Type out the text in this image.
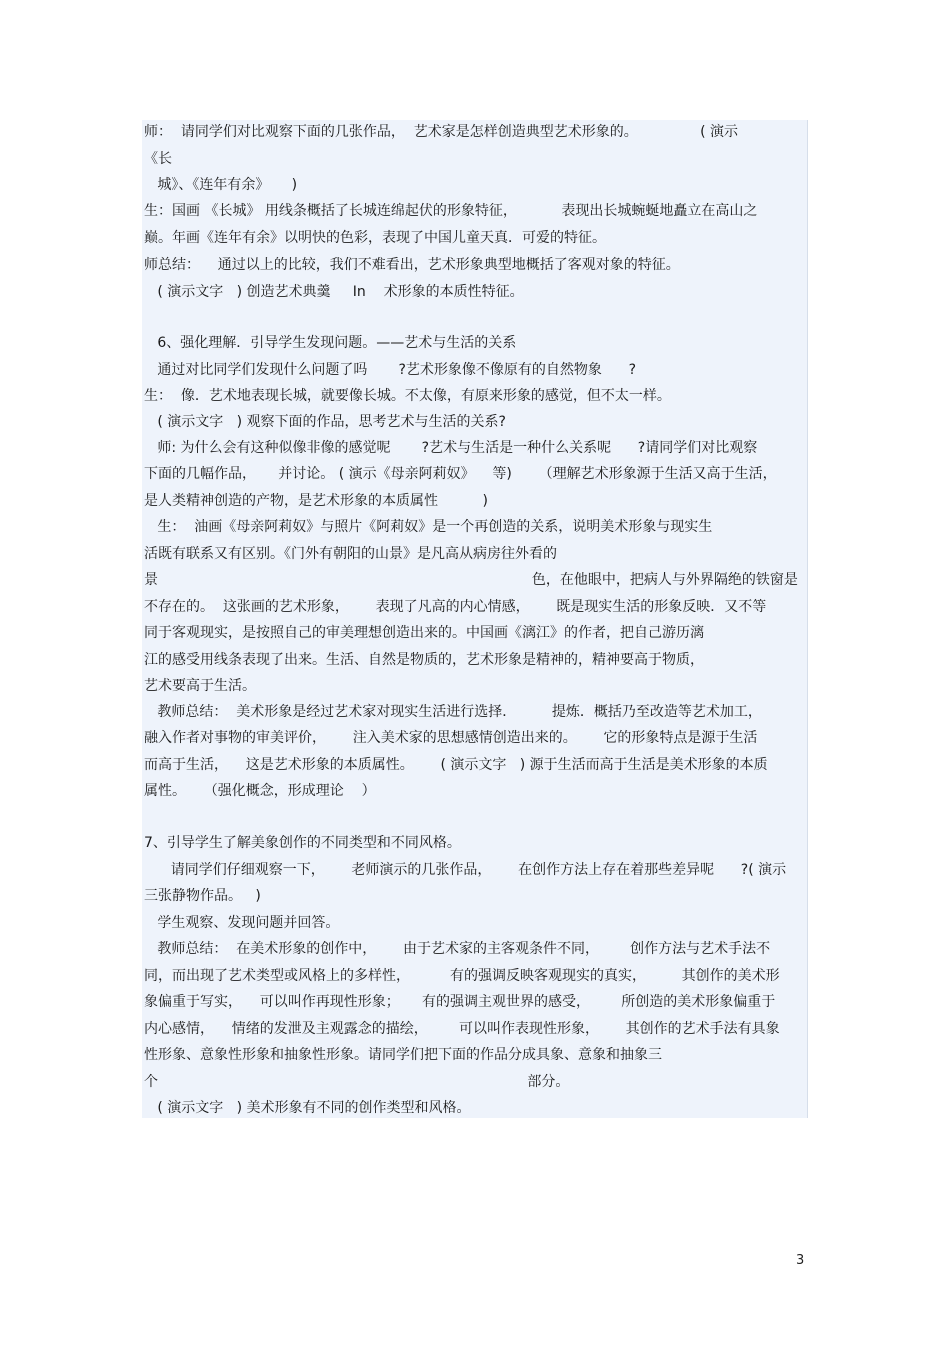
师：  请同学们对比观察下面的几张作品，  艺术家是怎样创造典型艺术形象的。              ( 演示
《长
城》、《连年有余》     )
生：国画 《长城》 用线条概括了长城连绵起伏的形象特征，          表现出长城蜿蜒地矗立在高山之
巅。年画《连年有余》以明快的色彩，表现了中国儿童天真．可爱的特征。
师总结：    通过以上的比较，我们不难看出，艺术形象典型地概括了客观对象的特征。
( 演示文字   ) 创造艺术典羹     In    术形象的本质性特征。
6、强化理解．引导学生发现问题。——艺术与生活的关系
通过对比同学们发现什么问题了吗       ?艺术形象像不像原有的自然物象      ?
生：  像．艺术地表现长城，就要像长城。不太像，有原来形象的感觉，但不太一样。
( 演示文字   ) 观察下面的作品，思考艺术与生活的关系?
师: 为什么会有这种似像非像的感觉呢       ?艺术与生活是一种什么关系呢      ?请同学们对比观察
下面的几幅作品，     并讨论。 ( 演示《母亲阿莉奴》    等)      （理解艺术形象源于生活又高于生活，
是人类精神创造的产物，是艺术形象的本质属性          )
生：  油画《母亲阿莉奴》与照片《阿莉奴》是一个再创造的关系，说明美术形象与现实生
活既有联系又有区别。《门外有朝阳的山景》是凡高从病房往外看的
景                                                                                    色，在他眼中，把病人与外界隔绝的铁窗是
不存在的。  这张画的艺术形象，      表现了凡高的内心情感，      既是现实生活的形象反映．又不等
同于客观现实，是按照自己的审美理想创造出来的。中国画《漓江》的作者，把自己游历漓
江的感受用线条表现了出来。生活、自然是物质的，艺术形象是精神的，精神要高于物质，
艺术要高于生活。
教师总结：  美术形象是经过艺术家对现实生活进行选择．        提炼．概括乃至改造等艺术加工，
融入作者对事物的审美评价，      注入美术家的思想感情创造出来的。      它的形象特点是源于生活
而高于生活，    这是艺术形象的本质属性。      ( 演示文字   ) 源于生活而高于生活是美术形象的本质
属性。    （强化概念，形成理论    ）
7、引导学生了解美象创作的不同类型和不同风格。
请同学们仔细观察一下，      老师演示的几张作品，      在创作方法上存在着那些差异呢      ?( 演示
三张静物作品。   )
学生观察、发现问题并回答。
教师总结：  在美术形象的创作中，      由于艺术家的主客观条件不同，       创作方法与艺术手法不
同，而出现了艺术类型或风格上的多样性，         有的强调反映客观现实的真实，        其创作的美术形
象偏重于写实，    可以叫作再现性形象；     有的强调主观世界的感受，       所创造的美术形象偏重于
内心感情，    情绪的发泄及主观露念的描绘，       可以叫作表现性形象，      其创作的艺术手法有具象
性形象、意象性形象和抽象性形象。请同学们把下面的作品分成具象、意象和抽象三
个                                                                                   部分。
( 演示文字   ) 美术形象有不同的创作类型和风格。
3
